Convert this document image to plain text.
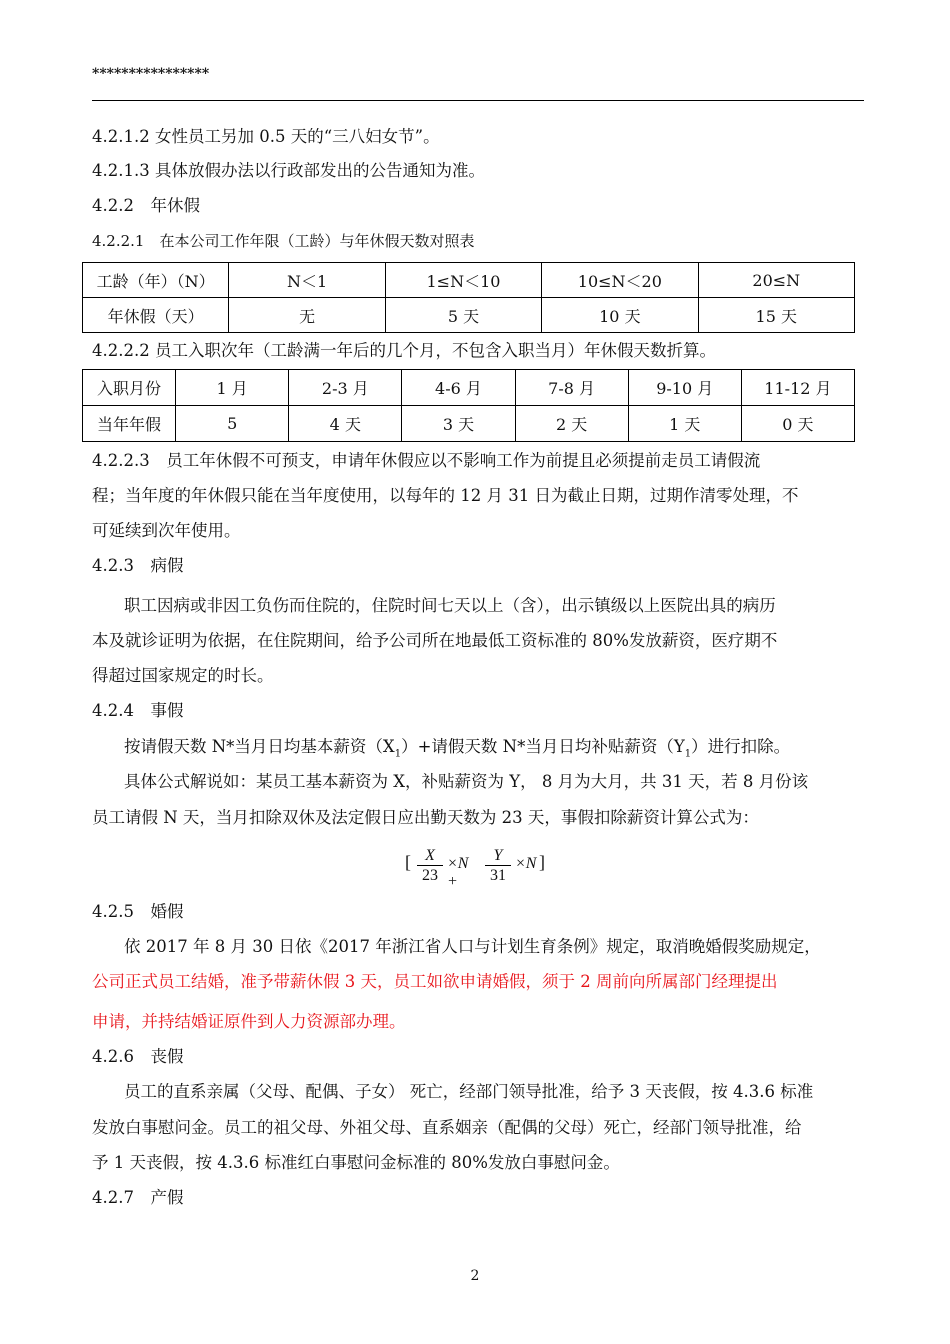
****************
4.2.1.2 女性员工另加 0.5 天的“三八妇女节”。
4.2.1.3 具体放假办法以行政部发出的公告通知为准。
4.2.2　年休假
4.2.2.1　在本公司工作年限（工龄）与年休假天数对照表
工龄（年）（N）	N＜1	1≤N＜10	10≤N＜20	20≤N
年休假（天）	无	5 天	10 天	15 天
4.2.2.2 员工入职次年（工龄满一年后的几个月，不包含入职当月）年休假天数折算。
入职月份	1 月	2-3 月	4-6 月	7-8 月	9-10 月	11-12 月
当年年假	5	4 天	3 天	2 天	1 天	0 天
4.2.2.3　员工年休假不可预支，申请年休假应以不影响工作为前提且必须提前走员工请假流
程；当年度的年休假只能在当年度使用，以每年的 12 月 31 日为截止日期，过期作清零处理，不
可延续到次年使用。
4.2.3　病假
职工因病或非因工负伤而住院的，住院时间七天以上（含），出示镇级以上医院出具的病历
本及就诊证明为依据，在住院期间，给予公司所在地最低工资标准的 80%发放薪资，医疗期不
得超过国家规定的时长。
4.2.4　事假
按请假天数 N*当月日均基本薪资$(X_1)+$请假天数 N*当月日均补贴薪资$(Y_1)$进行扣除。
具体公式解说如：某员工基本薪资为 X，补贴薪资为 Y， 8 月为大月，共 31 天，若 8 月份该
员工请假 N 天，当月扣除双休及法定假日应出勤天数为 23 天，事假扣除薪资计算公式为：
[ $\frac{X}{23} \times N$ +	$\frac{Y}{31} \times N$ ]
4.2.5　婚假
依 2017 年 8 月 30 日依《2017 年浙江省人口与计划生育条例》规定，取消晚婚假奖励规定，
公司正式员工结婚，准予带薪休假 3 天，员工如欲申请婚假，须于 2 周前向所属部门经理提出
申请，并持结婚证原件到人力资源部办理。
4.2.6　丧假
员工的直系亲属（父母、配偶、子女） 死亡，经部门领导批准，给予 3 天丧假，按 4.3.6 标准
发放白事慰问金。员工的祖父母、外祖父母、直系姻亲（配偶的父母）死亡，经部门领导批准，给
予 1 天丧假，按 4.3.6 标准红白事慰问金标准的 80%发放白事慰问金。
4.2.7　产假
2
